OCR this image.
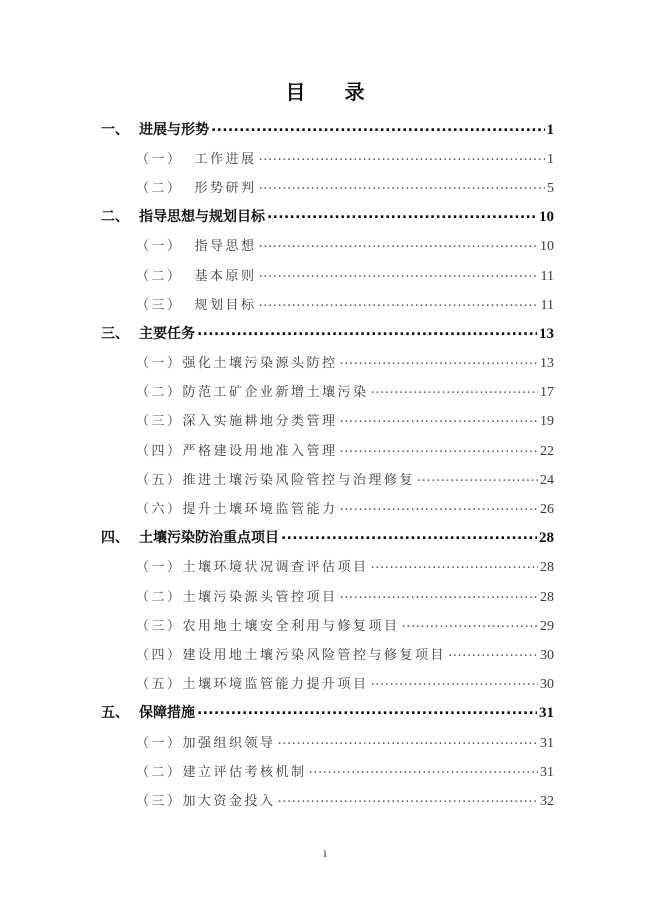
目 录
一、 进展与形势 .....	1
（一） 工作进展 .....	1
（二） 形势研判 .....	5
二、 指导思想与规划目标 .....	10
（一） 指导思想 .....	10
（二） 基本原则 .....	11
（三） 规划目标 .....	11
三、 主要任务 .....	13
（一） 强化土壤污染源头防控 .....	13
（二） 防范工矿企业新增土壤污染 .....	17
（三） 深入实施耕地分类管理 .....	19
（四） 严格建设用地准入管理 .....	22
（五） 推进土壤污染风险管控与治理修复 .....	24
（六） 提升土壤环境监管能力 .....	26
四、 土壤污染防治重点项目 .....	28
（一） 土壤环境状况调查评估项目 .....	28
（二） 土壤污染源头管控项目 .....	28
（三） 农用地土壤安全利用与修复项目 .....	29
（四） 建设用地土壤污染风险管控与修复项目 .....	30
（五） 土壤环境监管能力提升项目 .....	30
五、 保障措施 .....	31
（一） 加强组织领导 .....	31
（二） 建立评估考核机制 .....	31
（三） 加大资金投入 .....	32
i
